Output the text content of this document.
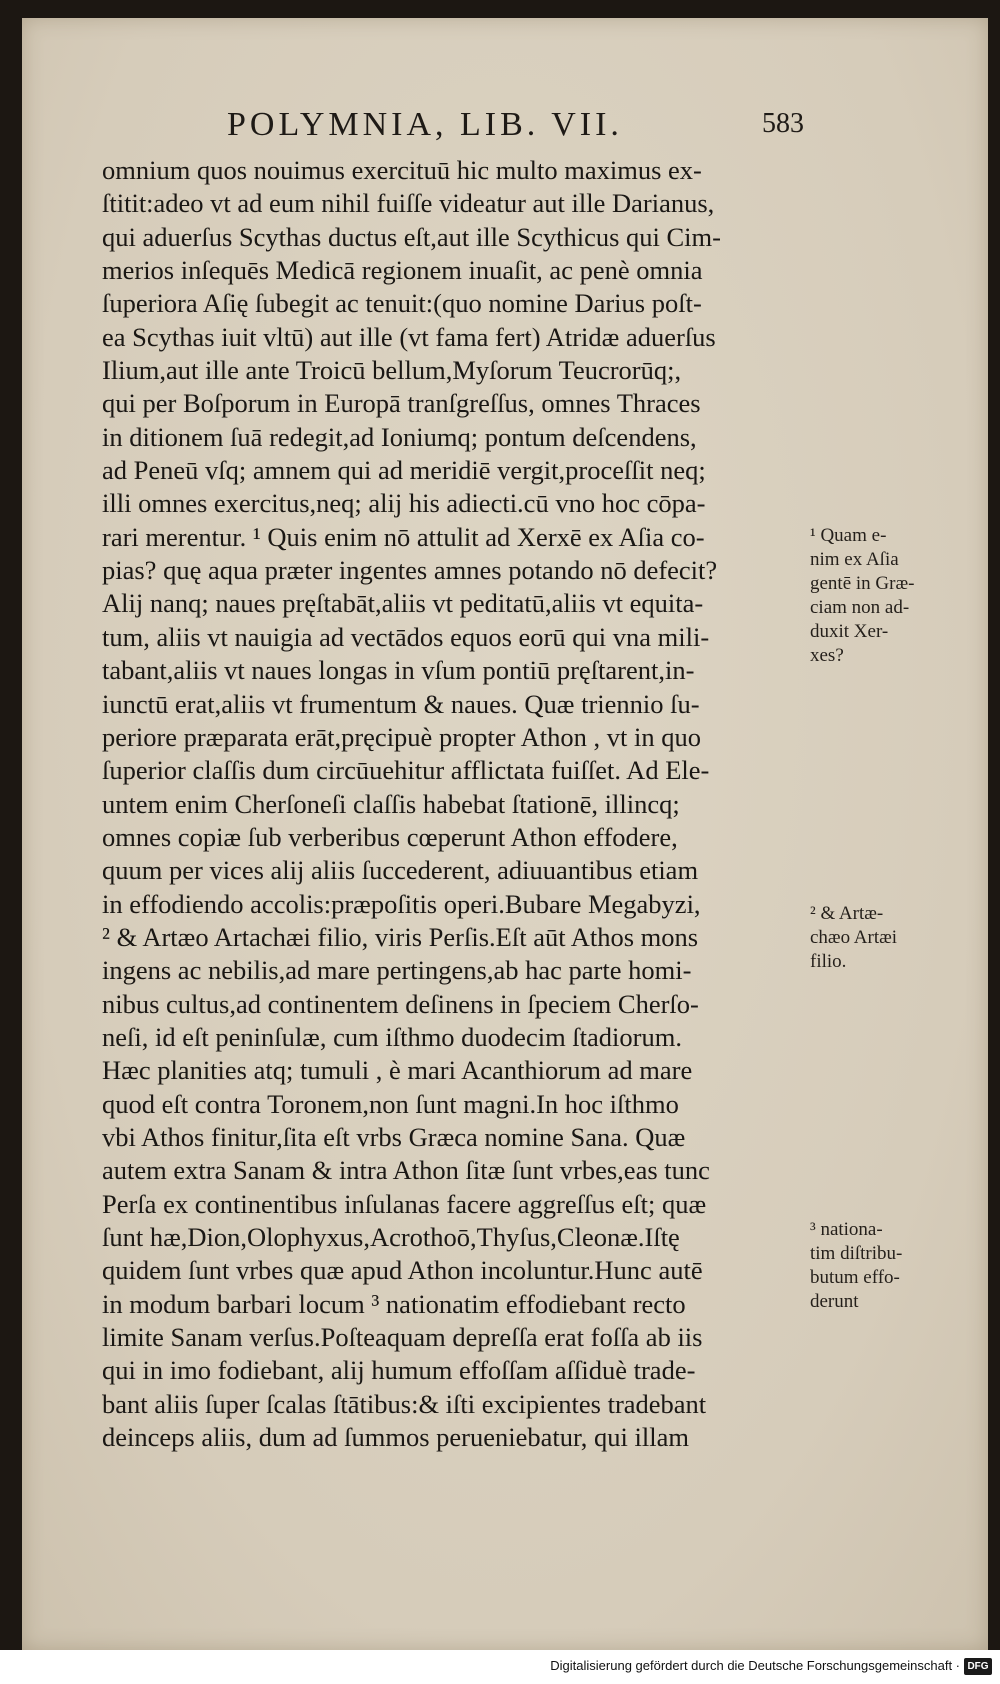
POLYMNIA, LIB. VII.	583
omnium quos nouimus exercituū hic multo maximus ex-
ſtitit:adeo vt ad eum nihil fuiſſe videatur aut ille Darianus,
qui aduerſus Scythas ductus eſt,aut ille Scythicus qui Cim-
merios inſequēs Medicā regionem inuaſit, ac penè omnia
ſuperiora Aſię ſubegit ac tenuit:(quo nomine Darius poſt-
ea Scythas iuit vltū) aut ille (vt fama fert) Atridæ aduerſus
Ilium,aut ille ante Troicū bellum,Myſorum Teucrorūq;,
qui per Boſporum in Europā tranſgreſſus, omnes Thraces
in ditionem ſuā redegit,ad Ioniumq; pontum deſcendens,
ad Peneū vſq; amnem qui ad meridiē vergit,proceſſit neq;
illi omnes exercitus,neq; alij his adiecti.cū vno hoc cōpa-
rari merentur. ¹ Quis enim nō attulit ad Xerxē ex Aſia co-
pias? quę aqua præter ingentes amnes potando nō defecit?
Alij nanq; naues pręſtabāt,aliis vt peditatū,aliis vt equita-
tum, aliis vt nauigia ad vectādos equos eorū qui vna mili-
tabant,aliis vt naues longas in vſum pontiū pręſtarent,in-
iunctū erat,aliis vt frumentum & naues. Quæ triennio ſu-
periore præparata erāt,pręcipuè propter Athon , vt in quo
ſuperior claſſis dum circūuehitur afflictata fuiſſet. Ad Ele-
untem enim Cherſoneſi claſſis habebat ſtationē, illincq;
omnes copiæ ſub verberibus cœperunt Athon effodere,
quum per vices alij aliis ſuccederent, adiuuantibus etiam
in effodiendo accolis:præpoſitis operi.Bubare Megabyzi,
² & Artæo Artachæi filio, viris Perſis.Eſt aūt Athos mons
ingens ac nebilis,ad mare pertingens,ab hac parte homi-
nibus cultus,ad continentem deſinens in ſpeciem Cherſo-
neſi, id eſt peninſulæ, cum iſthmo duodecim ſtadiorum.
Hæc planities atq; tumuli , è mari Acanthiorum ad mare
quod eſt contra Toronem,non ſunt magni.In hoc iſthmo
vbi Athos finitur,ſita eſt vrbs Græca nomine Sana. Quæ
autem extra Sanam & intra Athon ſitæ ſunt vrbes,eas tunc
Perſa ex continentibus inſulanas facere aggreſſus eſt; quæ
ſunt hæ,Dion,Olophyxus,Acrothoō,Thyſus,Cleonæ.Iſtę
quidem ſunt vrbes quæ apud Athon incoluntur.Hunc autē
in modum barbari locum ³ nationatim effodiebant recto
limite Sanam verſus.Poſteaquam depreſſa erat foſſa ab iis
qui in imo fodiebant, alij humum effoſſam aſſiduè trade-
bant aliis ſuper ſcalas ſtātibus:& iſti excipientes tradebant
deinceps aliis, dum ad ſummos perueniebatur, qui illam
¹ Quam e-
nim ex Aſia
gentē in Græ-
ciam non ad-
duxit Xer-
xes?
² & Artæ-
chæo Artæi
filio.
³ nationa-
tim diſtribu-
butum effo-
derunt
Digitalisierung gefördert durch die Deutsche Forschungsgemeinschaft · DFG
